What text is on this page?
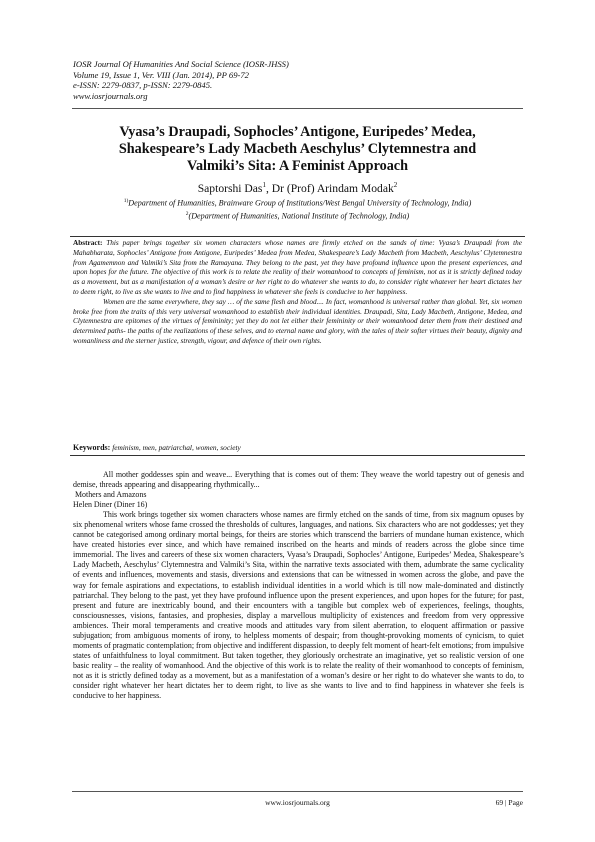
IOSR Journal Of Humanities And Social Science (IOSR-JHSS)
Volume 19, Issue 1, Ver. VIII (Jan. 2014), PP 69-72
e-ISSN: 2279-0837, p-ISSN: 2279-0845.
www.iosrjournals.org
Vyasa’s Draupadi, Sophocles’ Antigone, Euripedes’ Medea,
Shakespeare’s Lady Macbeth Aeschylus’ Clytemnestra and
Valmiki’s Sita: A Feminist Approach
Saptorshi Das$^1$, Dr (Prof) Arindam Modak$^2$
$^{1)}$Department of Humanities, Brainware Group of Institutions/West Bengal University of Technology, India)
$^2$(Department of Humanities, National Institute of Technology, India)

Abstract: This paper brings together six women characters whose names are firmly etched on the sands of time: Vyasa’s Draupadi from the Mahabharata, Sophocles’ Antigone from Antigone, Euripedes’ Medea from Medea, Shakespeare’s Lady Macbeth from Macbeth, Aeschylus’ Clytemnestra from Agamemnon and Valmiki’s Sita from the Ramayana. They belong to the past, yet they have profound influence upon the present experiences, and upon hopes for the future. The objective of this work is to relate the reality of their womanhood to concepts of feminism, not as it is strictly defined today as a movement, but as a manifestation of a woman’s desire or her right to do whatever she wants to do, to consider right whatever her heart dictates her to deem right, to live as she wants to live and to find happiness in whatever she feels is conducive to her happiness.

Women are the same everywhere, they say … of the same flesh and blood.... In fact, womanhood is universal rather than global. Yet, six women broke free from the traits of this very universal womanhood to establish their individual identities. Draupadi, Sita, Lady Macbeth, Antigone, Medea, and Clytemnestra are epitomes of the virtues of femininity; yet they do not let either their femininity or their womanhood deter them from their destined and determined paths- the paths of the realizations of these selves, and to eternal name and glory, with the tales of their softer virtues their beauty, dignity and womanliness and the sterner justice, strength, vigour, and defence of their own rights.

Keywords: feminism, men, patriarchal, women, society

All mother goddesses spin and weave... Everything that is comes out of them: They weave the world tapestry out of genesis and demise, threads appearing and disappearing rhythmically...

Mothers and Amazons

Helen Diner (Diner 16)

This work brings together six women characters whose names are firmly etched on the sands of time, from six magnum opuses by six phenomenal writers whose fame crossed the thresholds of cultures, languages, and nations. Six characters who are not goddesses; yet they cannot be categorised among ordinary mortal beings, for theirs are stories which transcend the barriers of mundane human existence, which have created histories ever since, and which have remained inscribed on the hearts and minds of readers across the globe since time immemorial. The lives and careers of these six women characters, Vyasa’s Draupadi, Sophocles’ Antigone, Euripedes’ Medea, Shakespeare’s Lady Macbeth, Aeschylus’ Clytemnestra and Valmiki’s Sita, within the narrative texts associated with them, adumbrate the same cyclicality of events and influences, movements and stasis, diversions and extensions that can be witnessed in women across the globe, and pave the way for female aspirations and expectations, to establish individual identities in a world which is till now male-dominated and distinctly patriarchal. They belong to the past, yet they have profound influence upon the present experiences, and upon hopes for the future; for past, present and future are inextricably bound, and their encounters with a tangible but complex web of experiences, feelings, thoughts, consciousnesses, visions, fantasies, and prophesies, display a marvellous multiplicity of existences and freedom from very oppressive ambiences. Their moral temperaments and creative moods and attitudes vary from silent aberration, to eloquent affirmation or passive subjugation; from ambiguous moments of irony, to helpless moments of despair; from thought-provoking moments of cynicism, to quiet moments of pragmatic contemplation; from objective and indifferent dispassion, to deeply felt moment of heart-felt emotions; from impulsive states of unfaithfulness to loyal commitment. But taken together, they gloriously orchestrate an imaginative, yet so realistic version of one basic reality – the reality of womanhood. And the objective of this work is to relate the reality of their womanhood to concepts of feminism, not as it is strictly defined today as a movement, but as a manifestation of a woman’s desire or her right to do whatever she wants to do, to consider right whatever her heart dictates her to deem right, to live as she wants to live and to find happiness in whatever she feels is conducive to her happiness.

www.iosrjournals.org	69 | Page
